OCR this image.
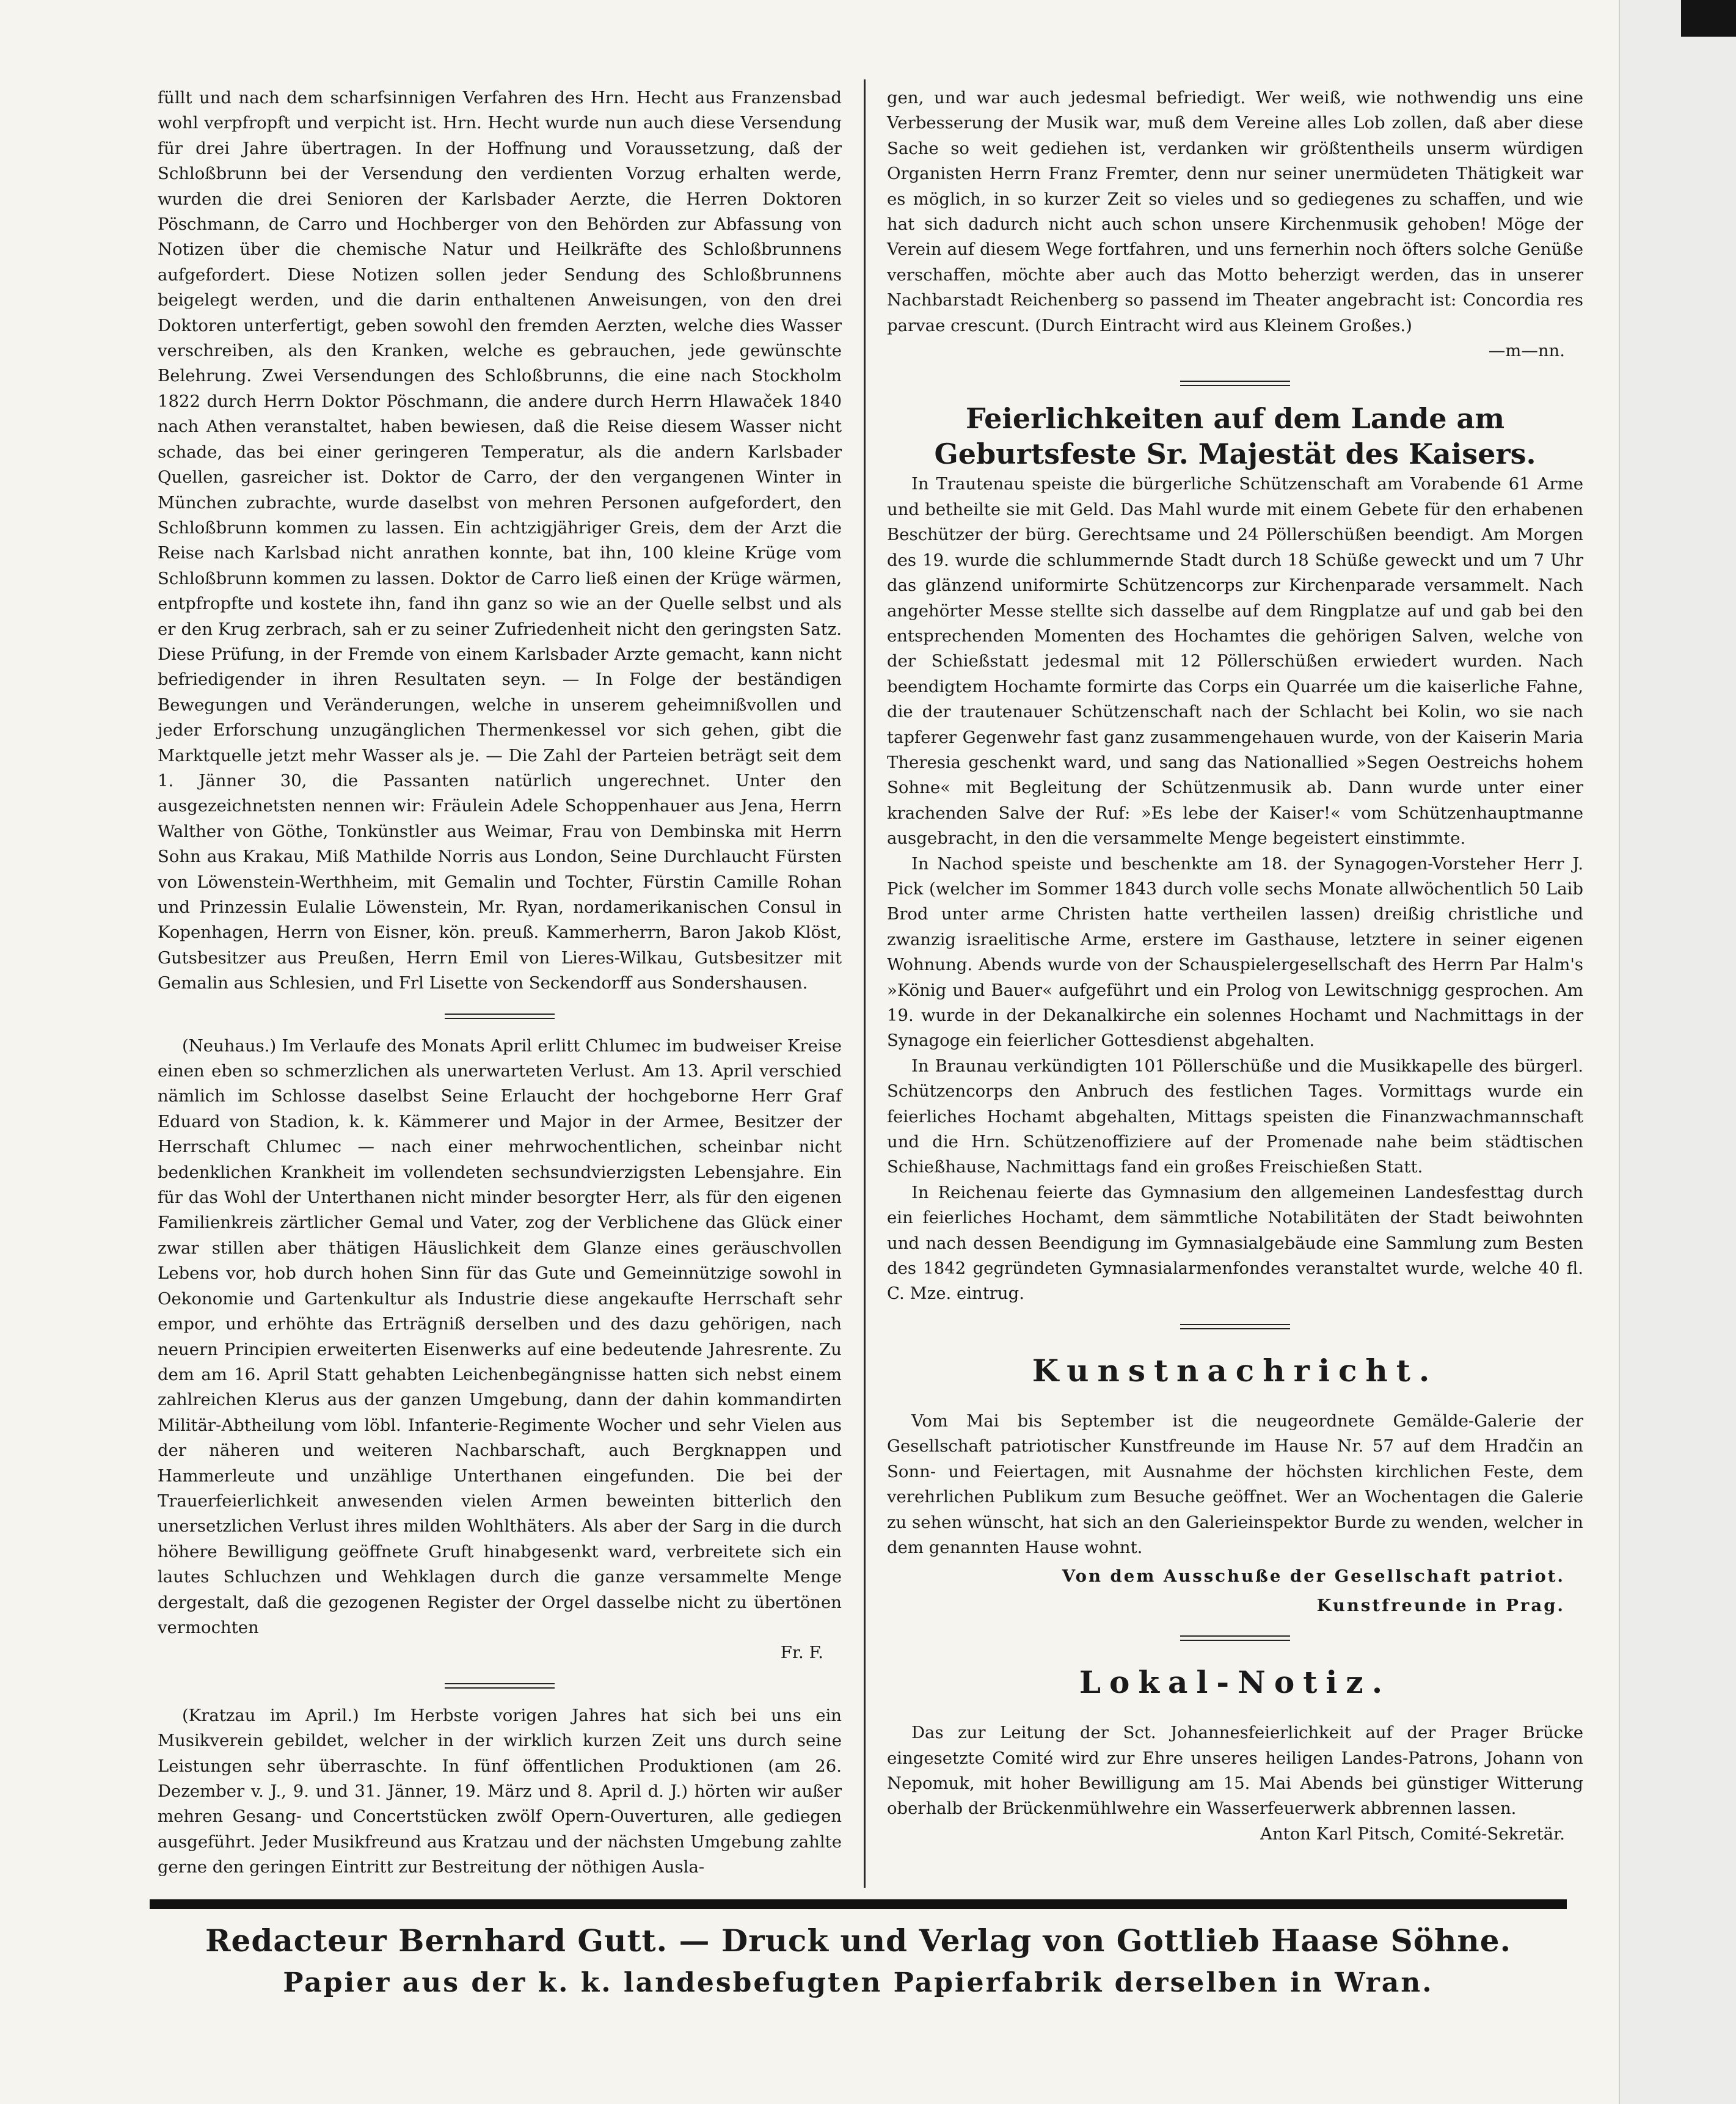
füllt und nach dem scharfsinnigen Verfahren des Hrn. Hecht aus Franzensbad wohl verpfropft und verpicht ist. Hrn. Hecht wurde nun auch diese Versendung für drei Jahre übertragen. In der Hoffnung und Voraussetzung, daß der Schloßbrunn bei der Versendung den verdienten Vorzug erhalten werde, wurden die drei Senioren der Karlsbader Aerzte, die Herren Doktoren Pöschmann, de Carro und Hochberger von den Behörden zur Abfassung von Notizen über die chemische Natur und Heilkräfte des Schloßbrunnens aufgefordert. Diese Notizen sollen jeder Sendung des Schloßbrunnens beigelegt werden, und die darin enthaltenen Anweisungen, von den drei Doktoren unterfertigt, geben sowohl den fremden Aerzten, welche dies Wasser verschreiben, als den Kranken, welche es gebrauchen, jede gewünschte Belehrung. Zwei Versendungen des Schloßbrunns, die eine nach Stockholm 1822 durch Herrn Doktor Pöschmann, die andere durch Herrn Hlawaček 1840 nach Athen veranstaltet, haben bewiesen, daß die Reise diesem Wasser nicht schade, das bei einer geringeren Temperatur, als die andern Karlsbader Quellen, gasreicher ist. Doktor de Carro, der den vergangenen Winter in München zubrachte, wurde daselbst von mehren Personen aufgefordert, den Schloßbrunn kommen zu lassen. Ein achtzigjähriger Greis, dem der Arzt die Reise nach Karlsbad nicht anrathen konnte, bat ihn, 100 kleine Krüge vom Schloßbrunn kommen zu lassen. Doktor de Carro ließ einen der Krüge wärmen, entpfropfte und kostete ihn, fand ihn ganz so wie an der Quelle selbst und als er den Krug zerbrach, sah er zu seiner Zufriedenheit nicht den geringsten Satz. Diese Prüfung, in der Fremde von einem Karlsbader Arzte gemacht, kann nicht befriedigender in ihren Resultaten seyn. — In Folge der beständigen Bewegungen und Veränderungen, welche in unserem geheimnißvollen und jeder Erforschung unzugänglichen Thermenkessel vor sich gehen, gibt die Marktquelle jetzt mehr Wasser als je. — Die Zahl der Parteien beträgt seit dem 1. Jänner 30, die Passanten natürlich ungerechnet. Unter den ausgezeichnetsten nennen wir: Fräulein Adele Schoppenhauer aus Jena, Herrn Walther von Göthe, Tonkünstler aus Weimar, Frau von Dembinska mit Herrn Sohn aus Krakau, Miß Mathilde Norris aus London, Seine Durchlaucht Fürsten von Löwenstein-Werthheim, mit Gemalin und Tochter, Fürstin Camille Rohan und Prinzessin Eulalie Löwenstein, Mr. Ryan, nordamerikanischen Consul in Kopenhagen, Herrn von Eisner, kön. preuß. Kammerherrn, Baron Jakob Klöst, Gutsbesitzer aus Preußen, Herrn Emil von Lieres-Wilkau, Gutsbesitzer mit Gemalin aus Schlesien, und Frl Lisette von Seckendorff aus Sondershausen.

(Neuhaus.) Im Verlaufe des Monats April erlitt Chlumec im budweiser Kreise einen eben so schmerzlichen als unerwarteten Verlust. Am 13. April verschied nämlich im Schlosse daselbst Seine Erlaucht der hochgeborne Herr Graf Eduard von Stadion, k. k. Kämmerer und Major in der Armee, Besitzer der Herrschaft Chlumec — nach einer mehrwochentlichen, scheinbar nicht bedenklichen Krankheit im vollendeten sechsundvierzigsten Lebensjahre. Ein für das Wohl der Unterthanen nicht minder besorgter Herr, als für den eigenen Familienkreis zärtlicher Gemal und Vater, zog der Verblichene das Glück einer zwar stillen aber thätigen Häuslichkeit dem Glanze eines geräuschvollen Lebens vor, hob durch hohen Sinn für das Gute und Gemeinnützige sowohl in Oekonomie und Gartenkultur als Industrie diese angekaufte Herrschaft sehr empor, und erhöhte das Erträgniß derselben und des dazu gehörigen, nach neuern Principien erweiterten Eisenwerks auf eine bedeutende Jahresrente. Zu dem am 16. April Statt gehabten Leichenbegängnisse hatten sich nebst einem zahlreichen Klerus aus der ganzen Umgebung, dann der dahin kommandirten Militär-Abtheilung vom löbl. Infanterie-Regimente Wocher und sehr Vielen aus der näheren und weiteren Nachbarschaft, auch Bergknappen und Hammerleute und unzählige Unterthanen eingefunden. Die bei der Trauerfeierlichkeit anwesenden vielen Armen beweinten bitterlich den unersetzlichen Verlust ihres milden Wohlthäters. Als aber der Sarg in die durch höhere Bewilligung geöffnete Gruft hinabgesenkt ward, verbreitete sich ein lautes Schluchzen und Wehklagen durch die ganze versammelte Menge dergestalt, daß die gezogenen Register der Orgel dasselbe nicht zu übertönen vermochten

Fr. F.

(Kratzau im April.) Im Herbste vorigen Jahres hat sich bei uns ein Musikverein gebildet, welcher in der wirklich kurzen Zeit uns durch seine Leistungen sehr überraschte. In fünf öffentlichen Produktionen (am 26. Dezember v. J., 9. und 31. Jänner, 19. März und 8. April d. J.) hörten wir außer mehren Gesang- und Concertstücken zwölf Opern-Ouverturen, alle gediegen ausgeführt. Jeder Musikfreund aus Kratzau und der nächsten Umgebung zahlte gerne den geringen Eintritt zur Bestreitung der nöthigen Ausla-

gen, und war auch jedesmal befriedigt. Wer weiß, wie nothwendig uns eine Verbesserung der Musik war, muß dem Vereine alles Lob zollen, daß aber diese Sache so weit gediehen ist, verdanken wir größtentheils unserm würdigen Organisten Herrn Franz Fremter, denn nur seiner unermüdeten Thätigkeit war es möglich, in so kurzer Zeit so vieles und so gediegenes zu schaffen, und wie hat sich dadurch nicht auch schon unsere Kirchenmusik gehoben! Möge der Verein auf diesem Wege fortfahren, und uns fernerhin noch öfters solche Genüße verschaffen, möchte aber auch das Motto beherzigt werden, das in unserer Nachbarstadt Reichenberg so passend im Theater angebracht ist: Concordia res parvae crescunt. (Durch Eintracht wird aus Kleinem Großes.)

—m—nn.

Feierlichkeiten auf dem Lande am Geburtsfeste Sr. Majestät des Kaisers.

In Trautenau speiste die bürgerliche Schützenschaft am Vorabende 61 Arme und betheilte sie mit Geld. Das Mahl wurde mit einem Gebete für den erhabenen Beschützer der bürg. Gerechtsame und 24 Pöllerschüßen beendigt. Am Morgen des 19. wurde die schlummernde Stadt durch 18 Schüße geweckt und um 7 Uhr das glänzend uniformirte Schützencorps zur Kirchenparade versammelt. Nach angehörter Messe stellte sich dasselbe auf dem Ringplatze auf und gab bei den entsprechenden Momenten des Hochamtes die gehörigen Salven, welche von der Schießstatt jedesmal mit 12 Pöllerschüßen erwiedert wurden. Nach beendigtem Hochamte formirte das Corps ein Quarrée um die kaiserliche Fahne, die der trautenauer Schützenschaft nach der Schlacht bei Kolin, wo sie nach tapferer Gegenwehr fast ganz zusammengehauen wurde, von der Kaiserin Maria Theresia geschenkt ward, und sang das Nationallied »Segen Oestreichs hohem Sohne« mit Begleitung der Schützenmusik ab. Dann wurde unter einer krachenden Salve der Ruf: »Es lebe der Kaiser!« vom Schützenhauptmanne ausgebracht, in den die versammelte Menge begeistert einstimmte.

In Nachod speiste und beschenkte am 18. der Synagogen-Vorsteher Herr J. Pick (welcher im Sommer 1843 durch volle sechs Monate allwöchentlich 50 Laib Brod unter arme Christen hatte vertheilen lassen) dreißig christliche und zwanzig israelitische Arme, erstere im Gasthause, letztere in seiner eigenen Wohnung. Abends wurde von der Schauspielergesellschaft des Herrn Par Halm's »König und Bauer« aufgeführt und ein Prolog von Lewitschnigg gesprochen. Am 19. wurde in der Dekanalkirche ein solennes Hochamt und Nachmittags in der Synagoge ein feierlicher Gottesdienst abgehalten.

In Braunau verkündigten 101 Pöllerschüße und die Musikkapelle des bürgerl. Schützencorps den Anbruch des festlichen Tages. Vormittags wurde ein feierliches Hochamt abgehalten, Mittags speisten die Finanzwachmannschaft und die Hrn. Schützenoffiziere auf der Promenade nahe beim städtischen Schießhause, Nachmittags fand ein großes Freischießen Statt.

In Reichenau feierte das Gymnasium den allgemeinen Landesfesttag durch ein feierliches Hochamt, dem sämmtliche Notabilitäten der Stadt beiwohnten und nach dessen Beendigung im Gymnasialgebäude eine Sammlung zum Besten des 1842 gegründeten Gymnasialarmenfondes veranstaltet wurde, welche 40 fl. C. Mze. eintrug.

Kunstnachricht.

Vom Mai bis September ist die neugeordnete Gemälde-Galerie der Gesellschaft patriotischer Kunstfreunde im Hause Nr. 57 auf dem Hradčin an Sonn- und Feiertagen, mit Ausnahme der höchsten kirchlichen Feste, dem verehrlichen Publikum zum Besuche geöffnet. Wer an Wochentagen die Galerie zu sehen wünscht, hat sich an den Galerieinspektor Burde zu wenden, welcher in dem genannten Hause wohnt.

Von dem Ausschuße der Gesellschaft patriot.

Kunstfreunde in Prag.

Lokal-Notiz.

Das zur Leitung der Sct. Johannesfeierlichkeit auf der Prager Brücke eingesetzte Comité wird zur Ehre unseres heiligen Landes-Patrons, Johann von Nepomuk, mit hoher Bewilligung am 15. Mai Abends bei günstiger Witterung oberhalb der Brückenmühlwehre ein Wasserfeuerwerk abbrennen lassen.

Anton Karl Pitsch, Comité-Sekretär.

Redacteur Bernhard Gutt. — Druck und Verlag von Gottlieb Haase Söhne.
Papier aus der k. k. landesbefugten Papierfabrik derselben in Wran.
